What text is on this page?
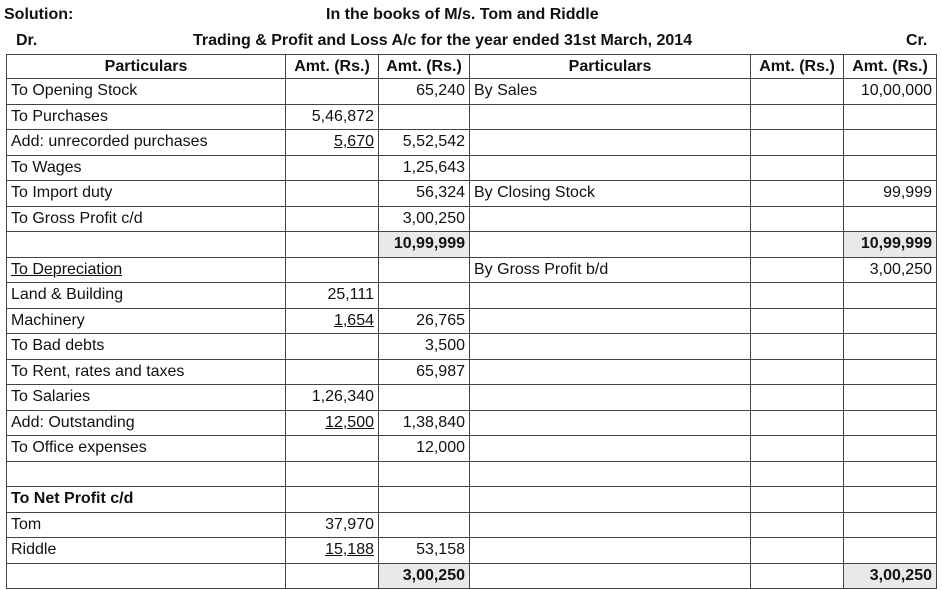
Solution:	In the books of M/s. Tom and Riddle
Dr.	Trading & Profit and Loss A/c for the year ended 31st March, 2014	Cr.
Particulars	Amt. (Rs.)	Amt. (Rs.)	Particulars	Amt. (Rs.)	Amt. (Rs.)
To Opening Stock		65,240	By Sales		10,00,000
To Purchases	5,46,872				
Add: unrecorded purchases	5,670	5,52,542			
To Wages		1,25,643			
To Import duty		56,324	By Closing Stock		99,999
To Gross Profit c/d		3,00,250			
		10,99,999			10,99,999
To Depreciation			By Gross Profit b/d		3,00,250
Land & Building	25,111				
Machinery	1,654	26,765			
To Bad debts		3,500			
To Rent, rates and taxes		65,987			
To Salaries	1,26,340				
Add: Outstanding	12,500	1,38,840			
To Office expenses		12,000			

To Net Profit c/d					
Tom	37,970				
Riddle	15,188	53,158			
		3,00,250			3,00,250
